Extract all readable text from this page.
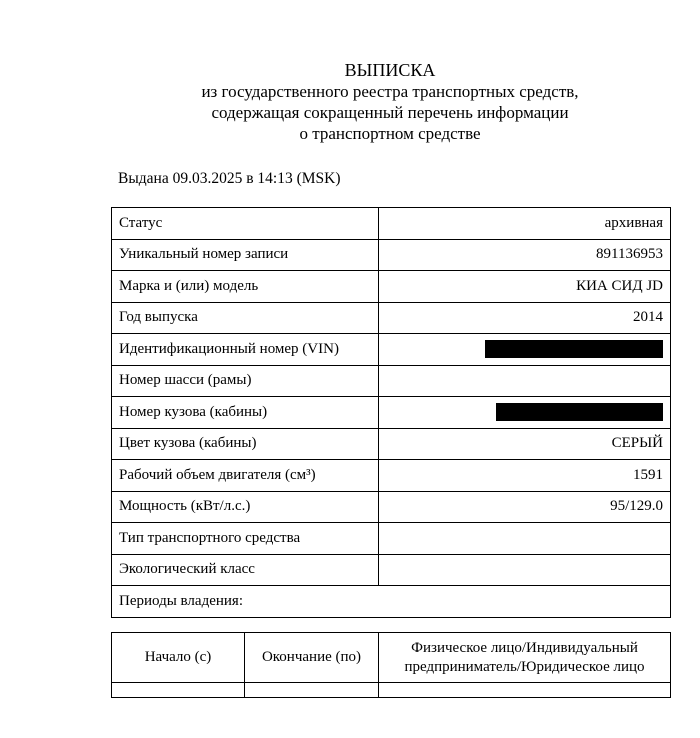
ВЫПИСКА
из государственного реестра транспортных средств,
содержащая сокращенный перечень информации
о транспортном средстве
Выдана 09.03.2025 в 14:13 (MSK)
Статус	архивная
Уникальный номер записи	891136953
Марка и (или) модель	КИА СИД JD
Год выпуска	2014
Идентификационный номер (VIN)	
Номер шасси (рамы)	
Номер кузова (кабины)	
Цвет кузова (кабины)	СЕРЫЙ
Рабочий объем двигателя (см³)	1591
Мощность (кВт/л.с.)	95/129.0
Тип транспортного средства	
Экологический класс	
Периоды владения:	
Начало (с)	Окончание (по)	Физическое лицо/Индивидуальный
предприниматель/Юридическое лицо
